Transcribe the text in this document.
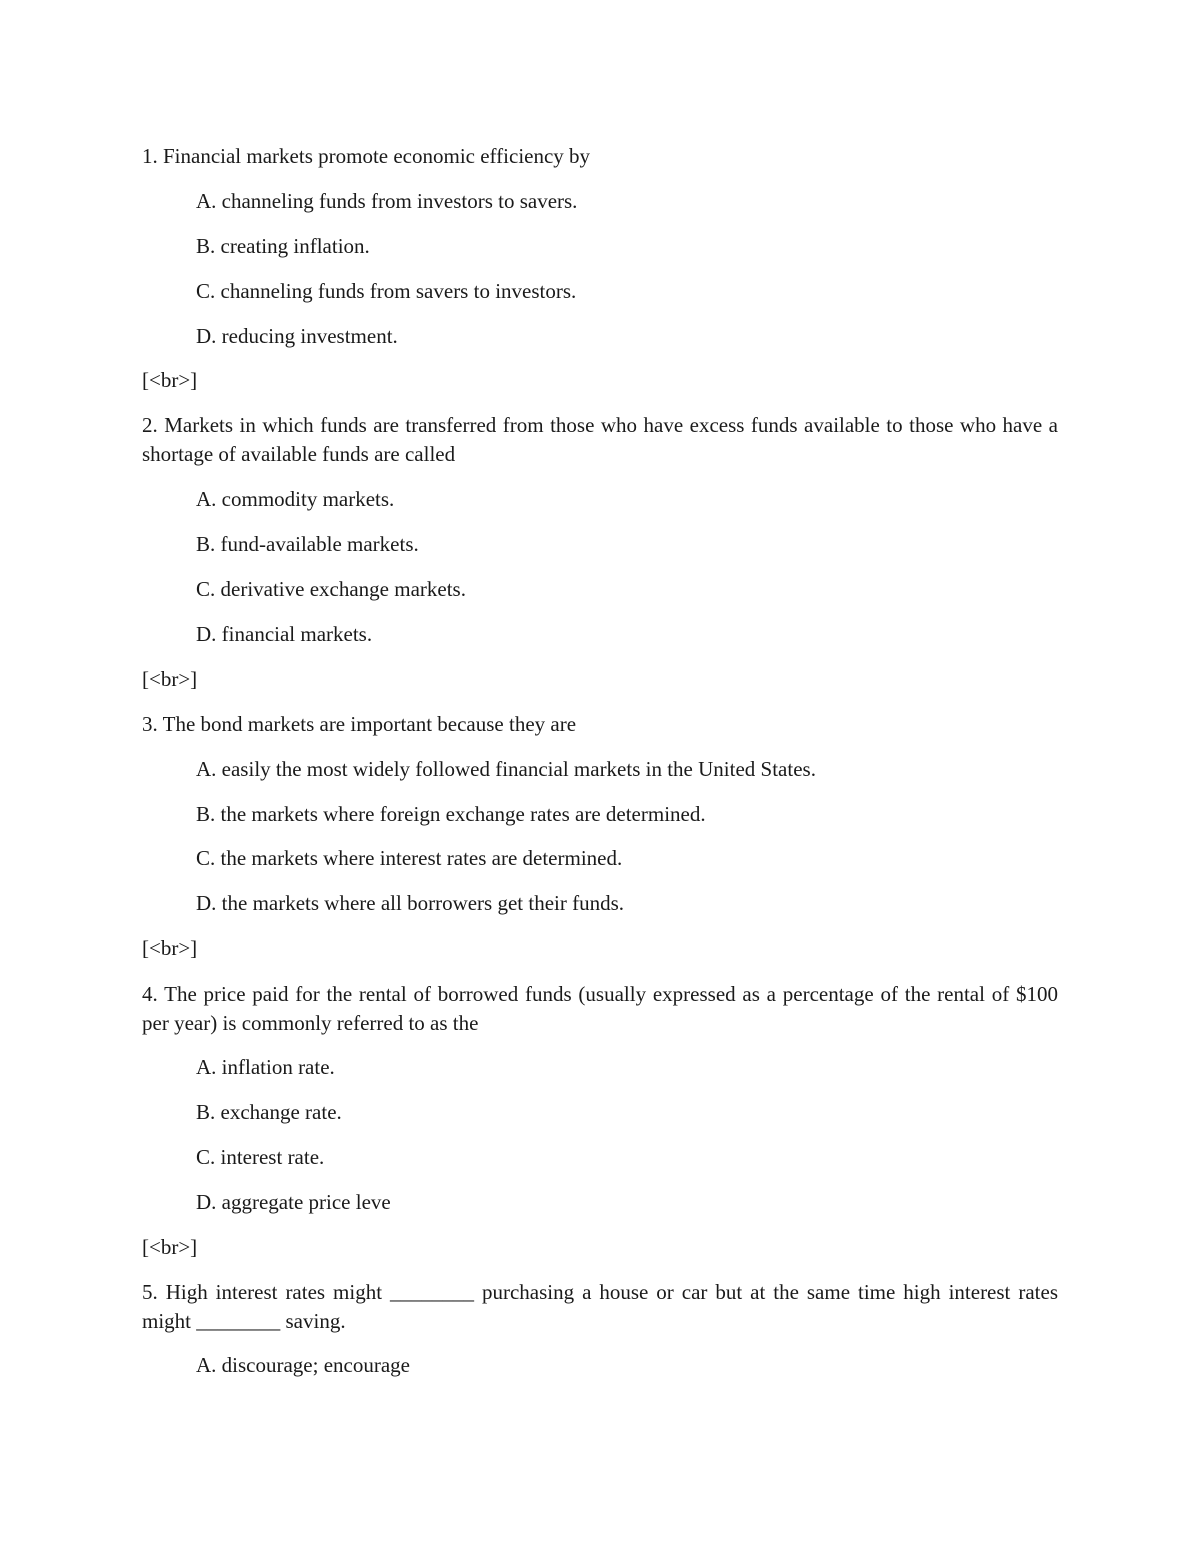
1. Financial markets promote economic efficiency by

A. channeling funds from investors to savers.

B. creating inflation.

C. channeling funds from savers to investors.

D. reducing investment.

[<br>]

2. Markets in which funds are transferred from those who have excess funds available to those who have a shortage of available funds are called

A. commodity markets.

B. fund-available markets.

C. derivative exchange markets.

D. financial markets.

[<br>]

3. The bond markets are important because they are

A. easily the most widely followed financial markets in the United States.

B. the markets where foreign exchange rates are determined.

C. the markets where interest rates are determined.

D. the markets where all borrowers get their funds.

[<br>]

4. The price paid for the rental of borrowed funds (usually expressed as a percentage of the rental of $100 per year) is commonly referred to as the

A. inflation rate.

B. exchange rate.

C. interest rate.

D. aggregate price leve

[<br>]

5. High interest rates might ________ purchasing a house or car but at the same time high interest rates might ________ saving.

A. discourage; encourage
